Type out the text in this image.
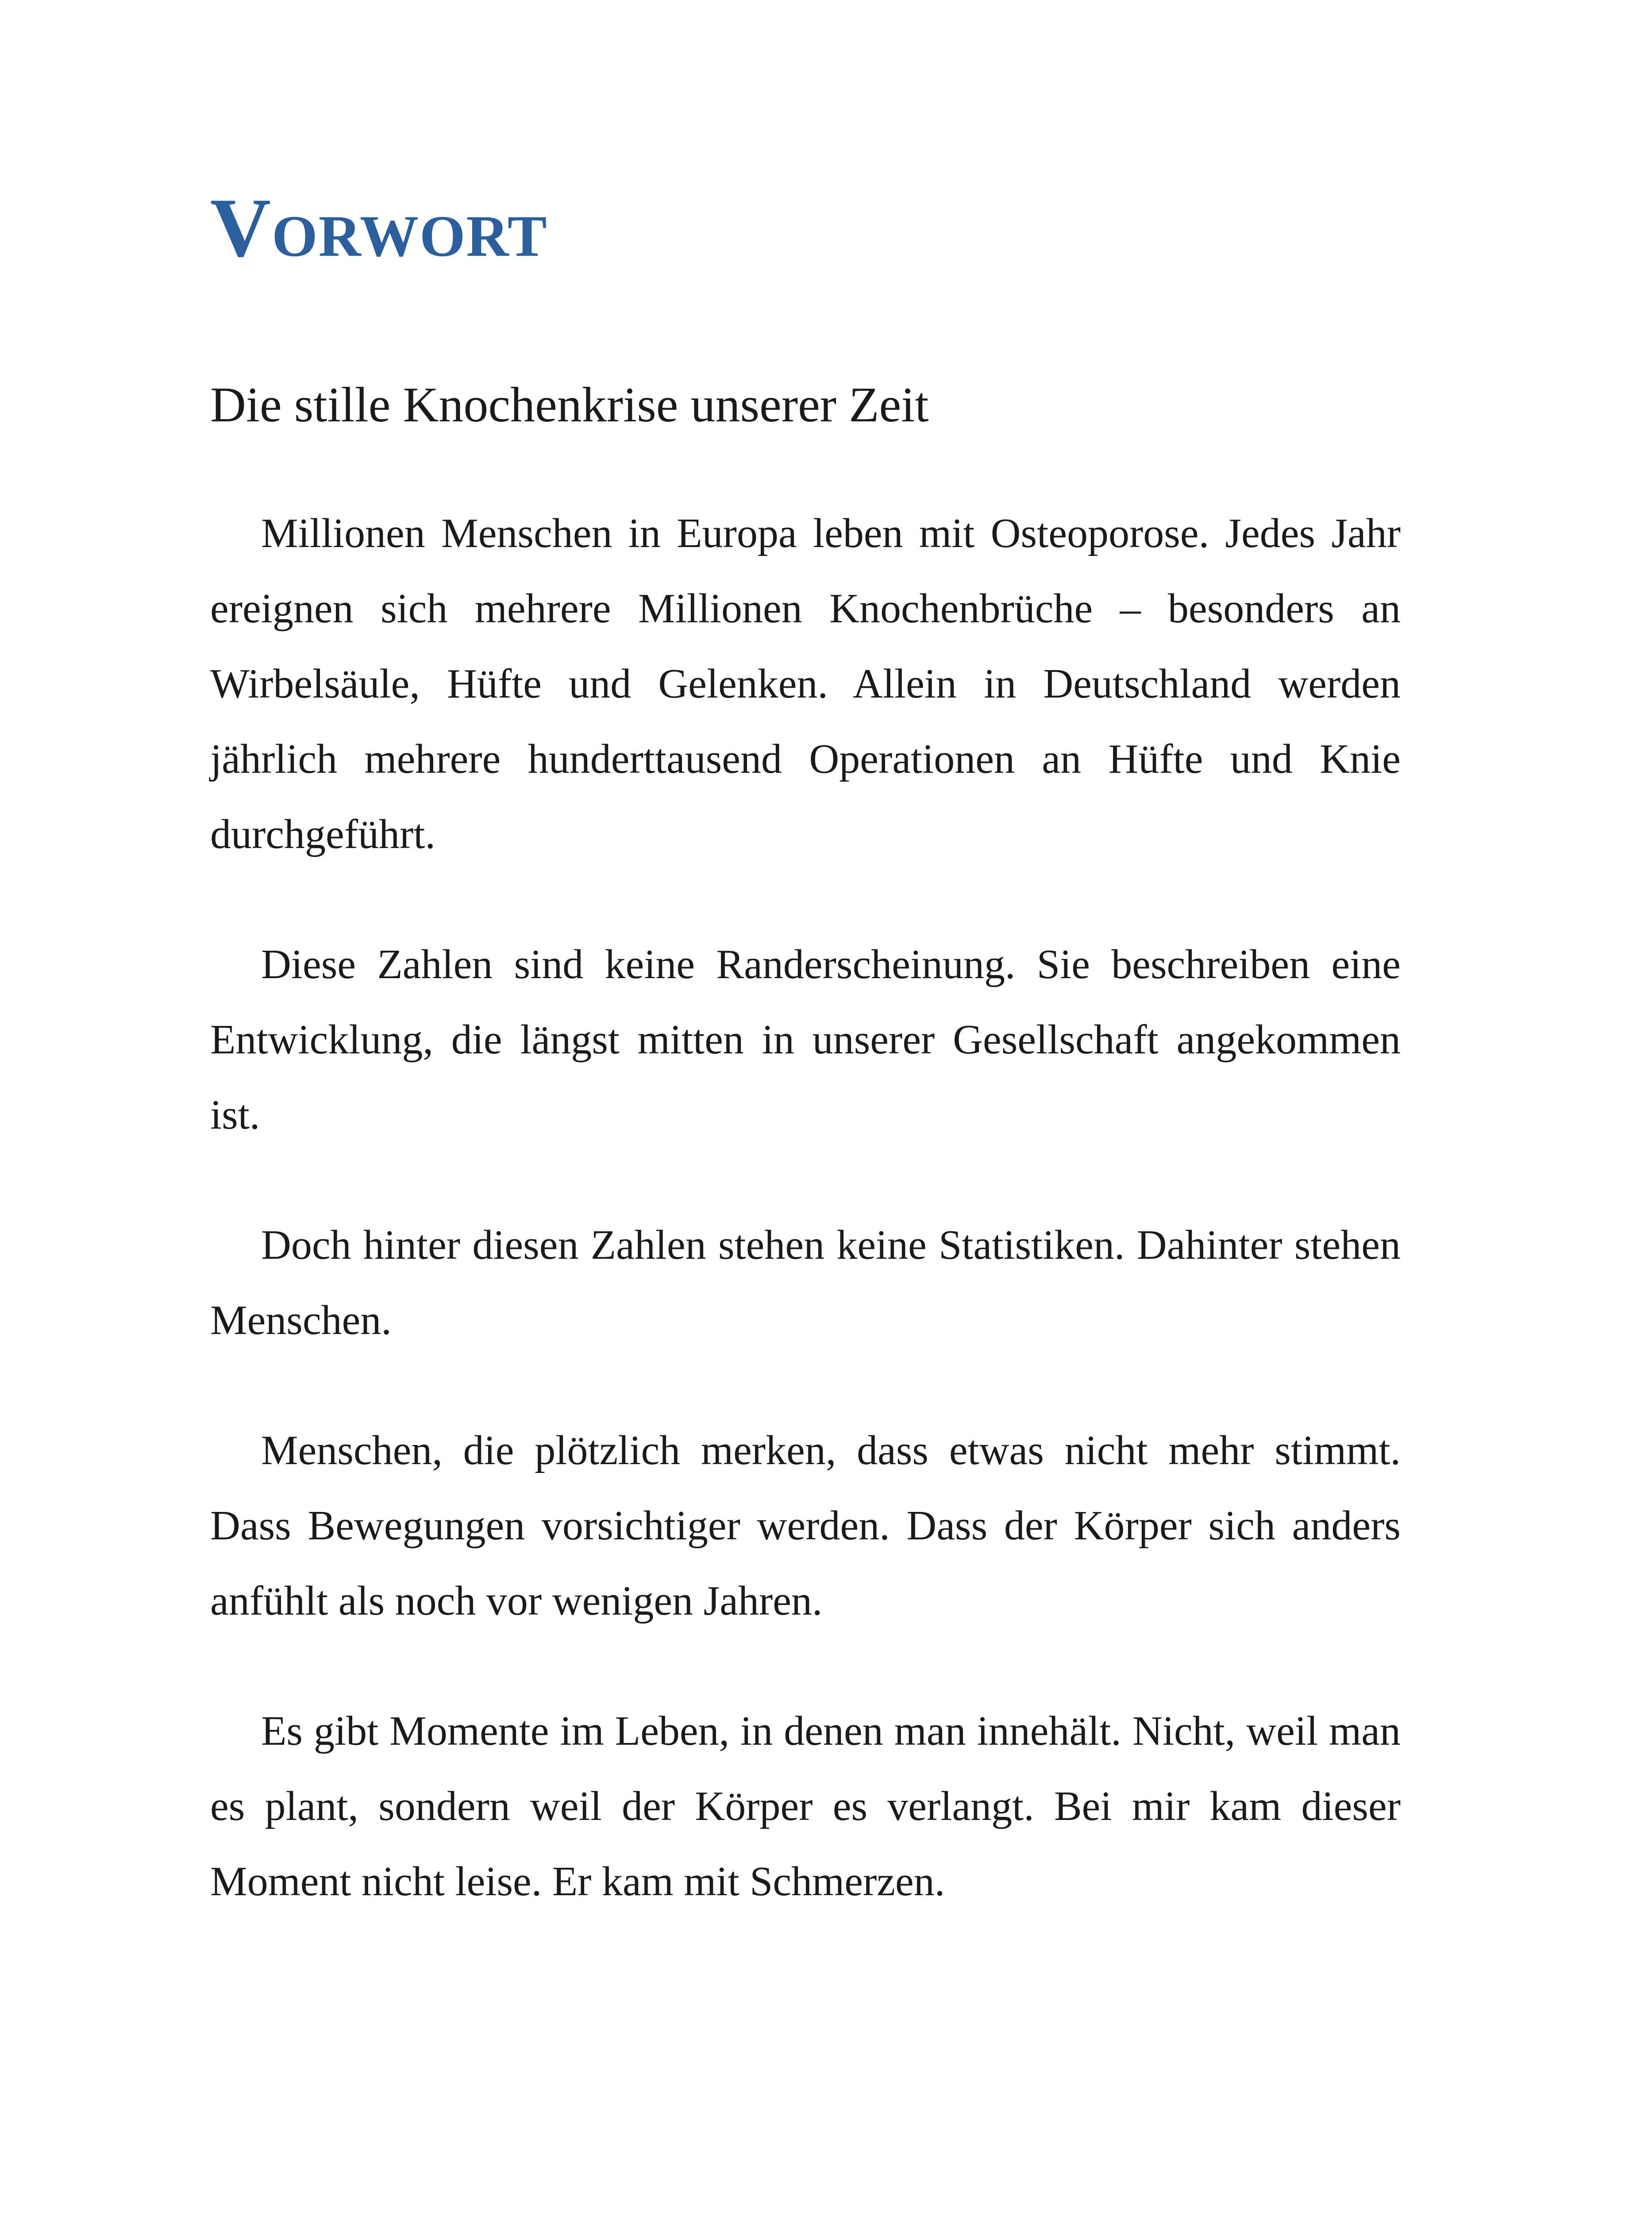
Vorwort
Die stille Knochenkrise unserer Zeit

Millionen Menschen in Europa leben mit Osteoporose. Jedes Jahr ereignen sich mehrere Millionen Knochenbrüche – besonders an Wirbelsäule, Hüfte und Gelenken. Allein in Deutschland werden jährlich mehrere hunderttausend Operationen an Hüfte und Knie durchgeführt.

Diese Zahlen sind keine Randerscheinung. Sie beschreiben eine Entwicklung, die längst mitten in unserer Gesellschaft angekommen ist.

Doch hinter diesen Zahlen stehen keine Statistiken. Dahinter stehen Menschen.

Menschen, die plötzlich merken, dass etwas nicht mehr stimmt. Dass Bewegungen vorsichtiger werden. Dass der Körper sich anders anfühlt als noch vor wenigen Jahren.

Es gibt Momente im Leben, in denen man innehält. Nicht, weil man es plant, sondern weil der Körper es verlangt. Bei mir kam dieser Moment nicht leise. Er kam mit Schmerzen.
